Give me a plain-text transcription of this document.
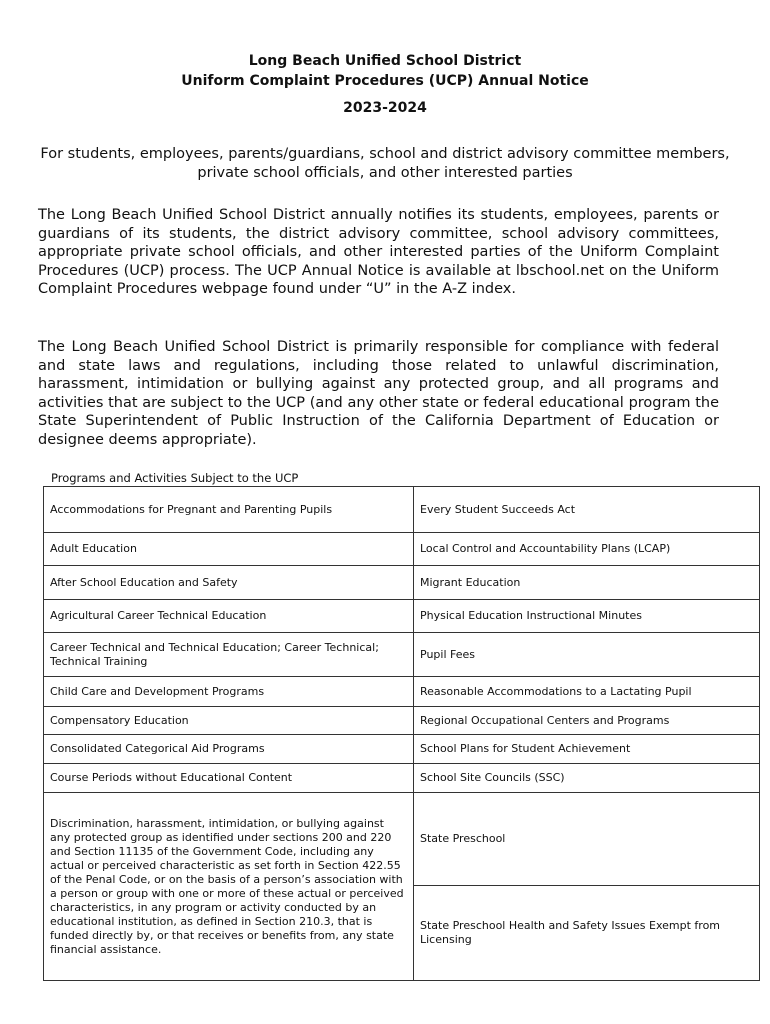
Long Beach Unified School District
Uniform Complaint Procedures (UCP) Annual Notice
2023-2024
For students, employees, parents/guardians, school and district advisory committee members, private school officials, and other interested parties
The Long Beach Unified School District annually notifies its students, employees, parents or guardians of its students, the district advisory committee, school advisory committees, appropriate private school officials, and other interested parties of the Uniform Complaint Procedures (UCP) process. The UCP Annual Notice is available at lbschool.net on the Uniform Complaint Procedures webpage found under “U” in the A-Z index.
The Long Beach Unified School District is primarily responsible for compliance with federal and state laws and regulations, including those related to unlawful discrimination, harassment, intimidation or bullying against any protected group, and all programs and activities that are subject to the UCP (and any other state or federal educational program the State Superintendent of Public Instruction of the California Department of Education or designee deems appropriate).
Programs and Activities Subject to the UCP
Accommodations for Pregnant and Parenting Pupils	Every Student Succeeds Act
Adult Education	Local Control and Accountability Plans (LCAP)
After School Education and Safety	Migrant Education
Agricultural Career Technical Education	Physical Education Instructional Minutes
Career Technical and Technical Education; Career Technical; Technical Training	Pupil Fees
Child Care and Development Programs	Reasonable Accommodations to a Lactating Pupil
Compensatory Education	Regional Occupational Centers and Programs
Consolidated Categorical Aid Programs	School Plans for Student Achievement
Course Periods without Educational Content	School Site Councils (SSC)
Discrimination, harassment, intimidation, or bullying against any protected group as identified under sections 200 and 220 and Section 11135 of the Government Code, including any actual or perceived characteristic as set forth in Section 422.55 of the Penal Code, or on the basis of a person’s association with a person or group with one or more of these actual or perceived characteristics, in any program or activity conducted by an educational institution, as defined in Section 210.3, that is funded directly by, or that receives or benefits from, any state financial assistance.	State Preschool
	State Preschool Health and Safety Issues Exempt from Licensing
